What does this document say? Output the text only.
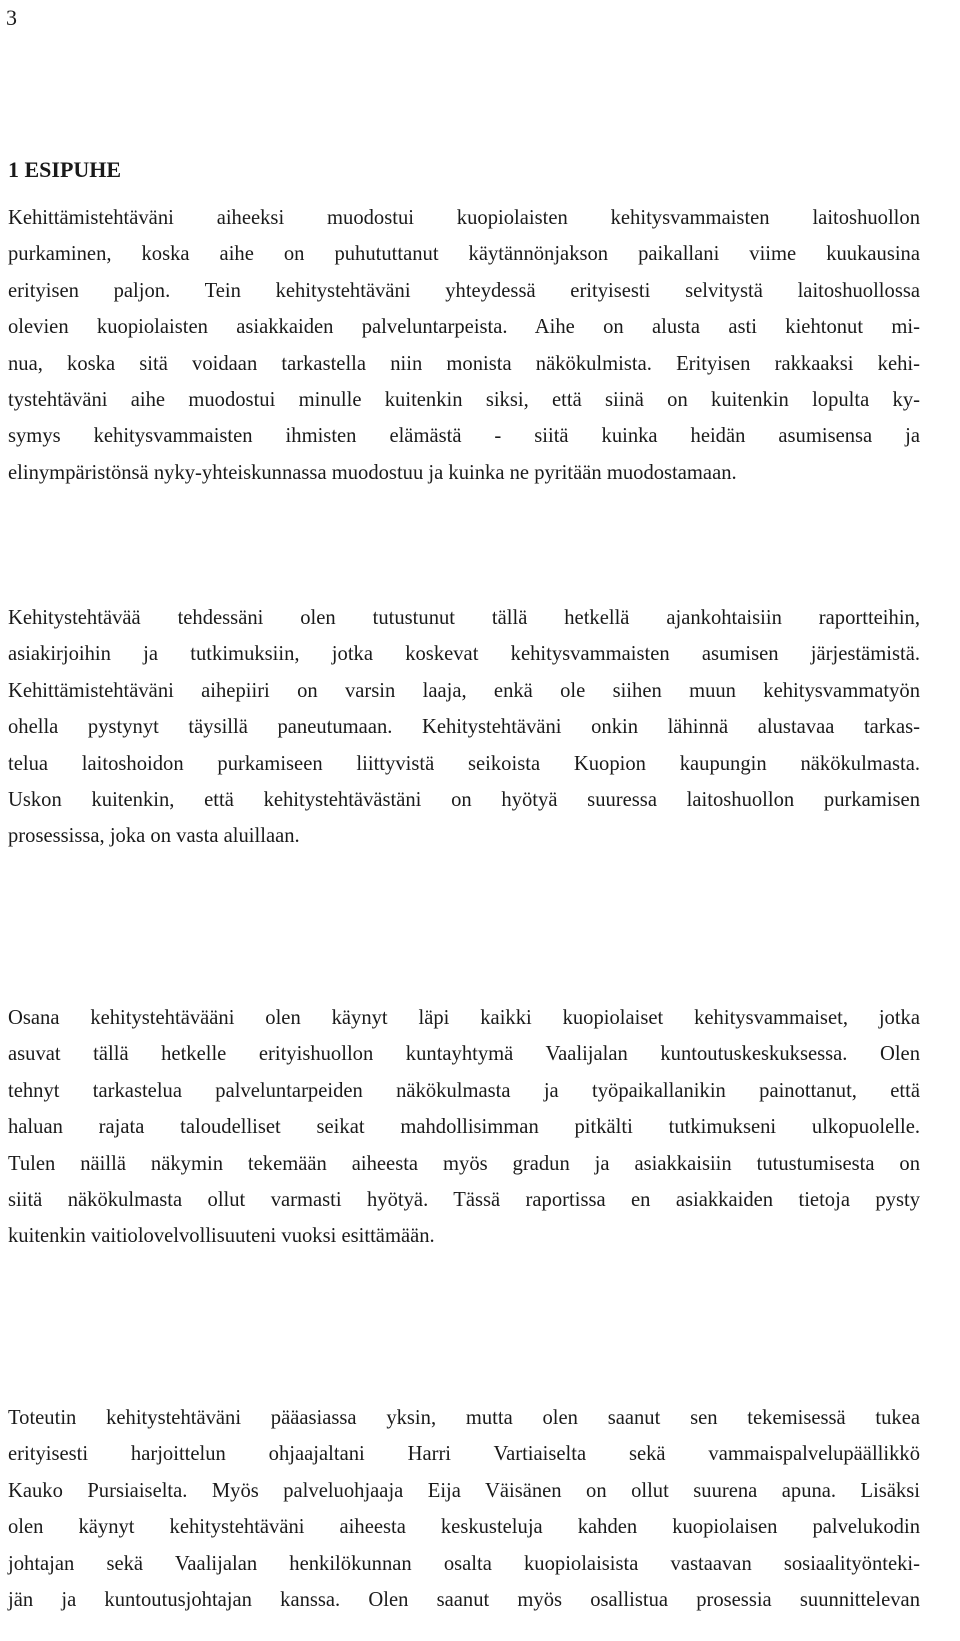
3
1 ESIPUHE
Kehittämistehtäväni aiheeksi muodostui kuopiolaisten kehitysvammaisten laitoshuollon
purkaminen, koska aihe on puhututtanut käytännönjakson paikallani viime kuukausina
erityisen paljon. Tein kehitystehtäväni yhteydessä erityisesti selvitystä laitoshuollossa
olevien kuopiolaisten asiakkaiden palveluntarpeista. Aihe on alusta asti kiehtonut mi-
nua, koska sitä voidaan tarkastella niin monista näkökulmista. Erityisen rakkaaksi kehi-
tystehtäväni aihe muodostui minulle kuitenkin siksi, että siinä on kuitenkin lopulta ky-
symys kehitysvammaisten ihmisten elämästä - siitä kuinka heidän asumisensa ja
elinympäristönsä nyky-yhteiskunnassa muodostuu ja kuinka ne pyritään muodostamaan.
Kehitystehtävää tehdessäni olen tutustunut tällä hetkellä ajankohtaisiin raportteihin,
asiakirjoihin ja tutkimuksiin, jotka koskevat kehitysvammaisten asumisen järjestämistä.
Kehittämistehtäväni aihepiiri on varsin laaja, enkä ole siihen muun kehitysvammatyön
ohella pystynyt täysillä paneutumaan. Kehitystehtäväni onkin lähinnä alustavaa tarkas-
telua laitoshoidon purkamiseen liittyvistä seikoista Kuopion kaupungin näkökulmasta.
Uskon kuitenkin, että kehitystehtävästäni on hyötyä suuressa laitoshuollon purkamisen
prosessissa, joka on vasta aluillaan.
Osana kehitystehtävääni olen käynyt läpi kaikki kuopiolaiset kehitysvammaiset, jotka
asuvat tällä hetkelle erityishuollon kuntayhtymä Vaalijalan kuntoutuskeskuksessa. Olen
tehnyt tarkastelua palveluntarpeiden näkökulmasta ja työpaikallanikin painottanut, että
haluan rajata taloudelliset seikat mahdollisimman pitkälti tutkimukseni ulkopuolelle.
Tulen näillä näkymin tekemään aiheesta myös gradun ja asiakkaisiin tutustumisesta on
siitä näkökulmasta ollut varmasti hyötyä. Tässä raportissa en asiakkaiden tietoja pysty
kuitenkin vaitiolovelvollisuuteni vuoksi esittämään.
Toteutin kehitystehtäväni pääasiassa yksin, mutta olen saanut sen tekemisessä tukea
erityisesti harjoittelun ohjaajaltani Harri Vartiaiselta sekä vammaispalvelupäällikkö
Kauko Pursiaiselta. Myös palveluohjaaja Eija Väisänen on ollut suurena apuna. Lisäksi
olen käynyt kehitystehtäväni aiheesta keskusteluja kahden kuopiolaisen palvelukodin
johtajan sekä Vaalijalan henkilökunnan osalta kuopiolaisista vastaavan sosiaalityönteki-
jän ja kuntoutusjohtajan kanssa. Olen saanut myös osallistua prosessia suunnittelevan
